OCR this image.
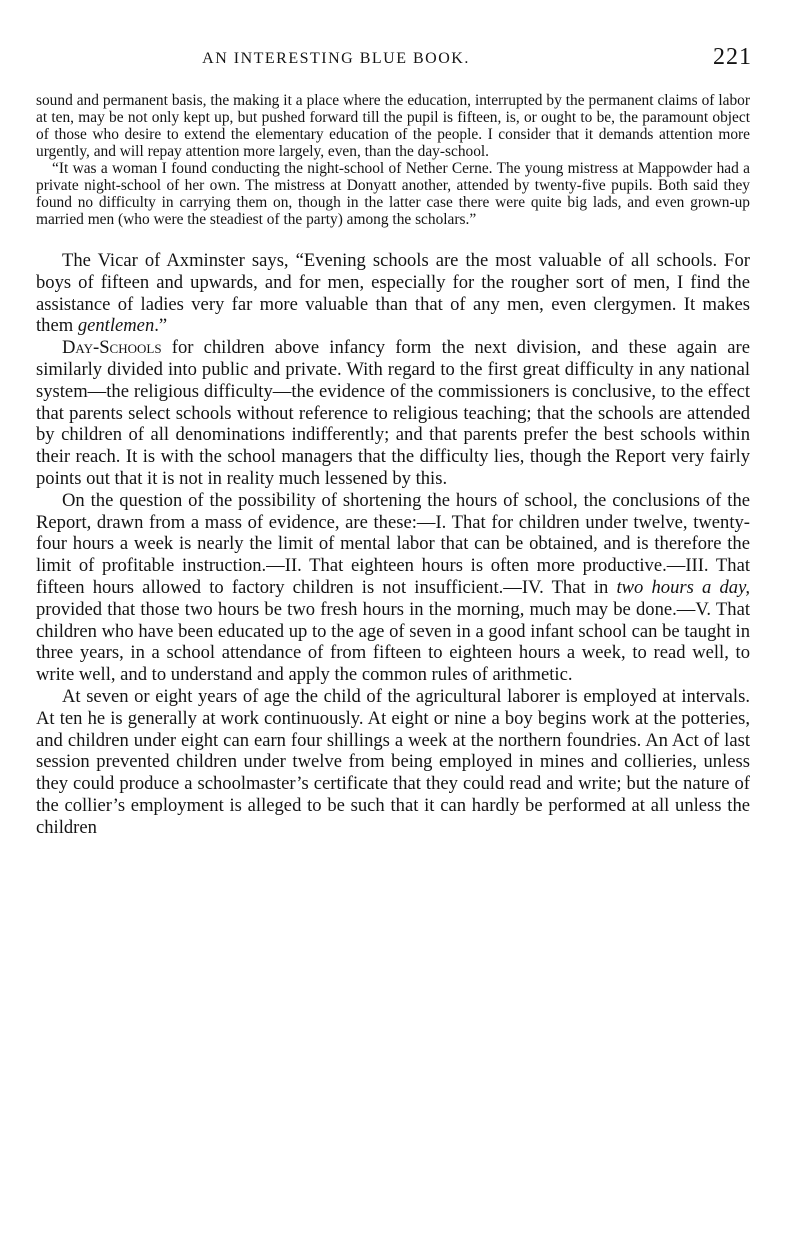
AN INTERESTING BLUE BOOK.	221

sound and permanent basis, the making it a place where the education, interrupted by the permanent claims of labor at ten, may be not only kept up, but pushed forward till the pupil is fifteen, is, or ought to be, the paramount object of those who desire to extend the elementary education of the people. I consider that it demands attention more urgently, and will repay attention more largely, even, than the day-school.

“It was a woman I found conducting the night-school of Nether Cerne. The young mistress at Mappowder had a private night-school of her own. The mistress at Donyatt another, attended by twenty-five pupils. Both said they found no difficulty in carrying them on, though in the latter case there were quite big lads, and even grown-up married men (who were the steadiest of the party) among the scholars.”

The Vicar of Axminster says, “Evening schools are the most valuable of all schools. For boys of fifteen and upwards, and for men, especially for the rougher sort of men, I find the assistance of ladies very far more valuable than that of any men, even clergymen. It makes them gentlemen.”

Day-Schools for children above infancy form the next division, and these again are similarly divided into public and private. With regard to the first great difficulty in any national system—the religious difficulty—the evidence of the commissioners is conclusive, to the effect that parents select schools without reference to religious teaching; that the schools are attended by children of all denominations indifferently; and that parents prefer the best schools within their reach. It is with the school managers that the difficulty lies, though the Report very fairly points out that it is not in reality much lessened by this.

On the question of the possibility of shortening the hours of school, the conclusions of the Report, drawn from a mass of evidence, are these:—I. That for children under twelve, twenty-four hours a week is nearly the limit of mental labor that can be obtained, and is therefore the limit of profitable instruction.—II. That eighteen hours is often more productive.—III. That fifteen hours allowed to factory children is not insufficient.—IV. That in two hours a day, provided that those two hours be two fresh hours in the morning, much may be done.—V. That children who have been educated up to the age of seven in a good infant school can be taught in three years, in a school attendance of from fifteen to eighteen hours a week, to read well, to write well, and to understand and apply the common rules of arithmetic.

At seven or eight years of age the child of the agricultural laborer is employed at intervals. At ten he is generally at work continuously. At eight or nine a boy begins work at the potteries, and children under eight can earn four shillings a week at the northern foundries. An Act of last session prevented children under twelve from being employed in mines and collieries, unless they could produce a schoolmaster’s certificate that they could read and write; but the nature of the collier’s employment is alleged to be such that it can hardly be performed at all unless the children
